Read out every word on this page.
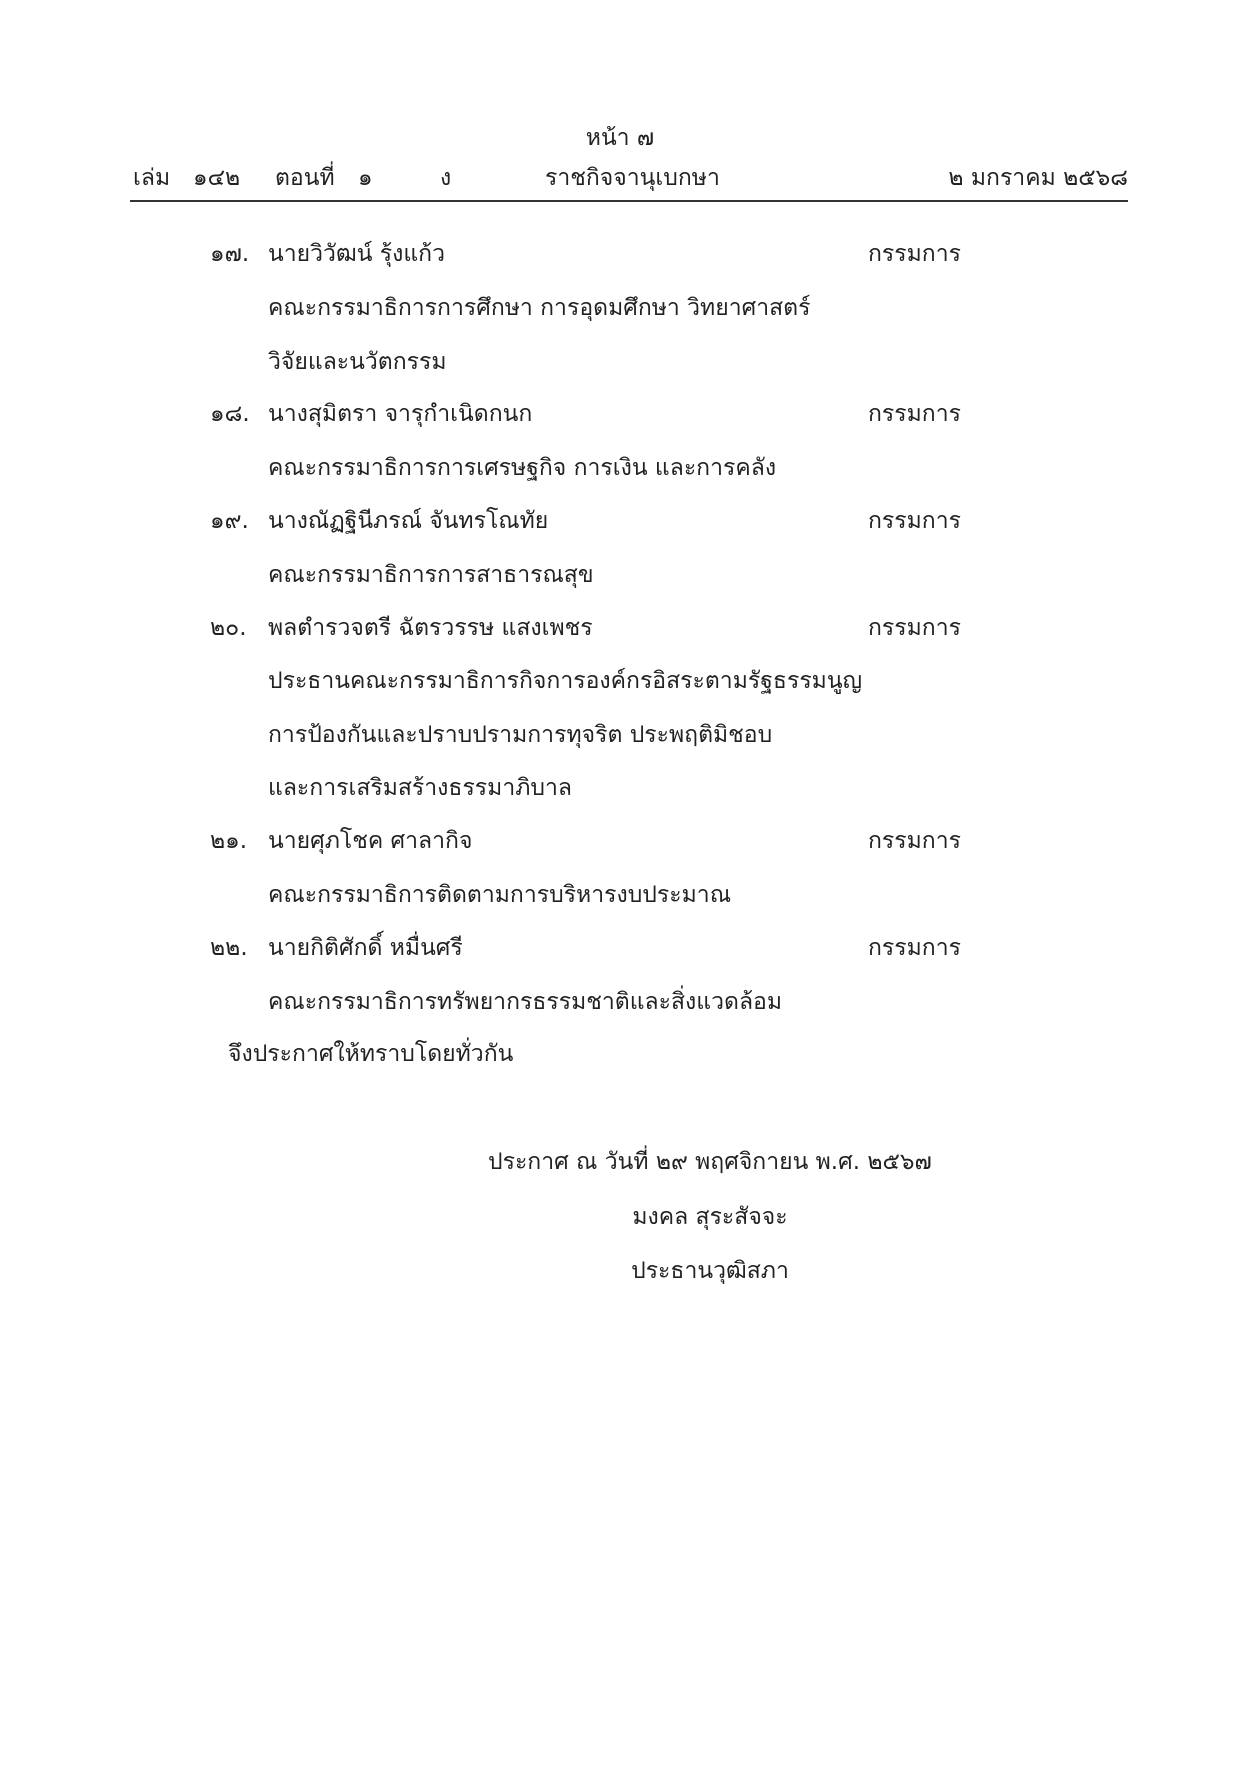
หน้า ๗
เล่ม ๑๔๒ ตอนที่ ๑	ง	ราชกิจจานุเบกษา	๒ มกราคม ๒๕๖๘
๑๗. นายวิวัฒน์ รุ้งแก้ว	กรรมการ
คณะกรรมาธิการการศึกษา การอุดมศึกษา วิทยาศาสตร์
วิจัยและนวัตกรรม
๑๘. นางสุมิตรา จารุกำเนิดกนก	กรรมการ
คณะกรรมาธิการการเศรษฐกิจ การเงิน และการคลัง
๑๙. นางณัฏฐินีภรณ์ จันทรโณทัย	กรรมการ
คณะกรรมาธิการการสาธารณสุข
๒๐. พลตำรวจตรี ฉัตรวรรษ แสงเพชร	กรรมการ
ประธานคณะกรรมาธิการกิจการองค์กรอิสระตามรัฐธรรมนูญ
การป้องกันและปราบปรามการทุจริต ประพฤติมิชอบ
และการเสริมสร้างธรรมาภิบาล
๒๑. นายศุภโชค ศาลากิจ	กรรมการ
คณะกรรมาธิการติดตามการบริหารงบประมาณ
๒๒. นายกิติศักดิ์ หมื่นศรี	กรรมการ
คณะกรรมาธิการทรัพยากรธรรมชาติและสิ่งแวดล้อม
จึงประกาศให้ทราบโดยทั่วกัน
ประกาศ ณ วันที่ ๒๙ พฤศจิกายน พ.ศ. ๒๕๖๗
มงคล สุระสัจจะ
ประธานวุฒิสภา
